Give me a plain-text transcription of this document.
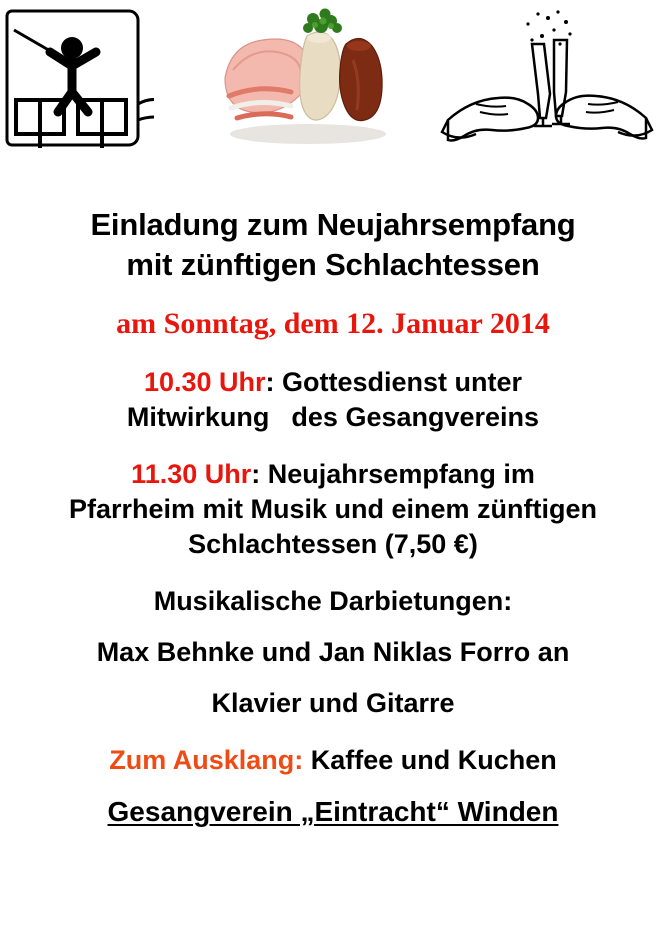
Einladung zum Neujahrsempfang
mit zünftigen Schlachtessen
am Sonntag, dem 12. Januar 2014
10.30 Uhr: Gottesdienst unter
Mitwirkung des Gesangvereins
11.30 Uhr: Neujahrsempfang im
Pfarrheim mit Musik und einem zünftigen
Schlachtessen (7,50 €)
Musikalische Darbietungen:
Max Behnke und Jan Niklas Forro an
Klavier und Gitarre
Zum Ausklang: Kaffee und Kuchen
Gesangverein „Eintracht“ Winden
